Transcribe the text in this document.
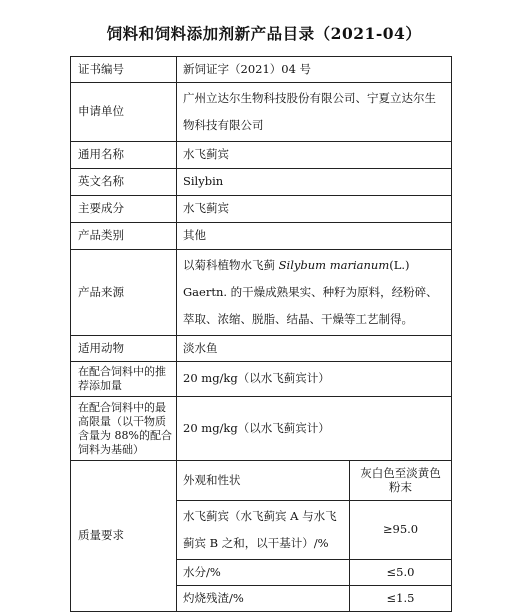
饲料和饲料添加剂新产品目录（2021-04）
证书编号	新饲证字（2021）04 号	
申请单位	广州立达尔生物科技股份有限公司、宁夏立达尔生物科技有限公司	
通用名称	水飞蓟宾	
英文名称	Silybin	
主要成分	水飞蓟宾	
产品类别	其他	
产品来源	以菊科植物水飞蓟 Silybum marianum(L.) Gaertn. 的干燥成熟果实、种籽为原料，经粉碎、萃取、浓缩、脱脂、结晶、干燥等工艺制得。	
适用动物	淡水鱼	
在配合饲料中的推荐添加量	20 mg/kg（以水飞蓟宾计）	
在配合饲料中的最高限量（以干物质含量为 88%的配合饲料为基础）	20 mg/kg（以水飞蓟宾计）	
质量要求	外观和性状	灰白色至淡黄色粉末
	水飞蓟宾（水飞蓟宾 A 与水飞蓟宾 B 之和，以干基计）/%	≥95.0
	水分/%	≤5.0
	灼烧残渣/%	≤1.5
